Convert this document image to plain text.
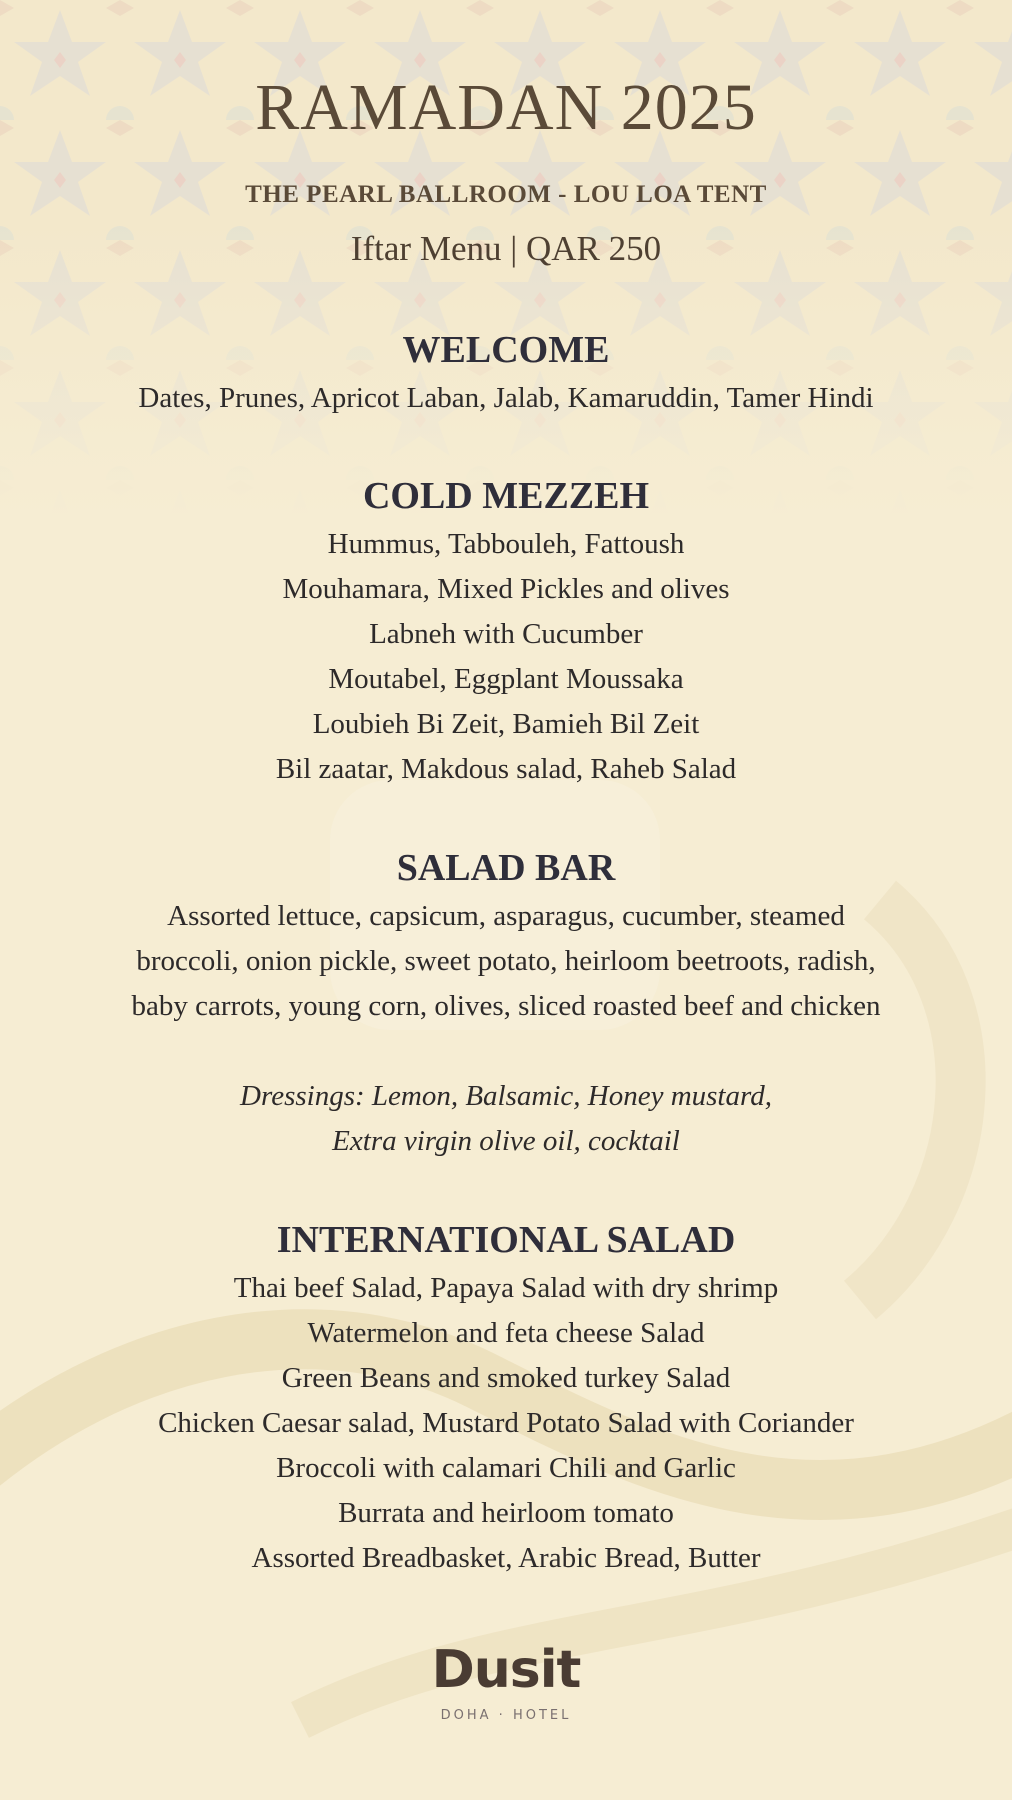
RAMADAN 2025
THE PEARL BALLROOM - LOU LOA TENT
Iftar Menu | QAR 250
WELCOME
Dates, Prunes, Apricot Laban, Jalab, Kamaruddin, Tamer Hindi
COLD MEZZEH
Hummus, Tabbouleh, Fattoush
Mouhamara, Mixed Pickles and olives
Labneh with Cucumber
Moutabel, Eggplant Moussaka
Loubieh Bi Zeit, Bamieh Bil Zeit
Bil zaatar, Makdous salad, Raheb Salad
SALAD BAR
Assorted lettuce, capsicum, asparagus, cucumber, steamed
broccoli, onion pickle, sweet potato, heirloom beetroots, radish,
baby carrots, young corn, olives, sliced roasted beef and chicken
Dressings: Lemon, Balsamic, Honey mustard,
Extra virgin olive oil, cocktail
INTERNATIONAL SALAD
Thai beef Salad, Papaya Salad with dry shrimp
Watermelon and feta cheese Salad
Green Beans and smoked turkey Salad
Chicken Caesar salad, Mustard Potato Salad with Coriander
Broccoli with calamari Chili and Garlic
Burrata and heirloom tomato
Assorted Breadbasket, Arabic Bread, Butter
Dusit
DOHA · HOTEL
